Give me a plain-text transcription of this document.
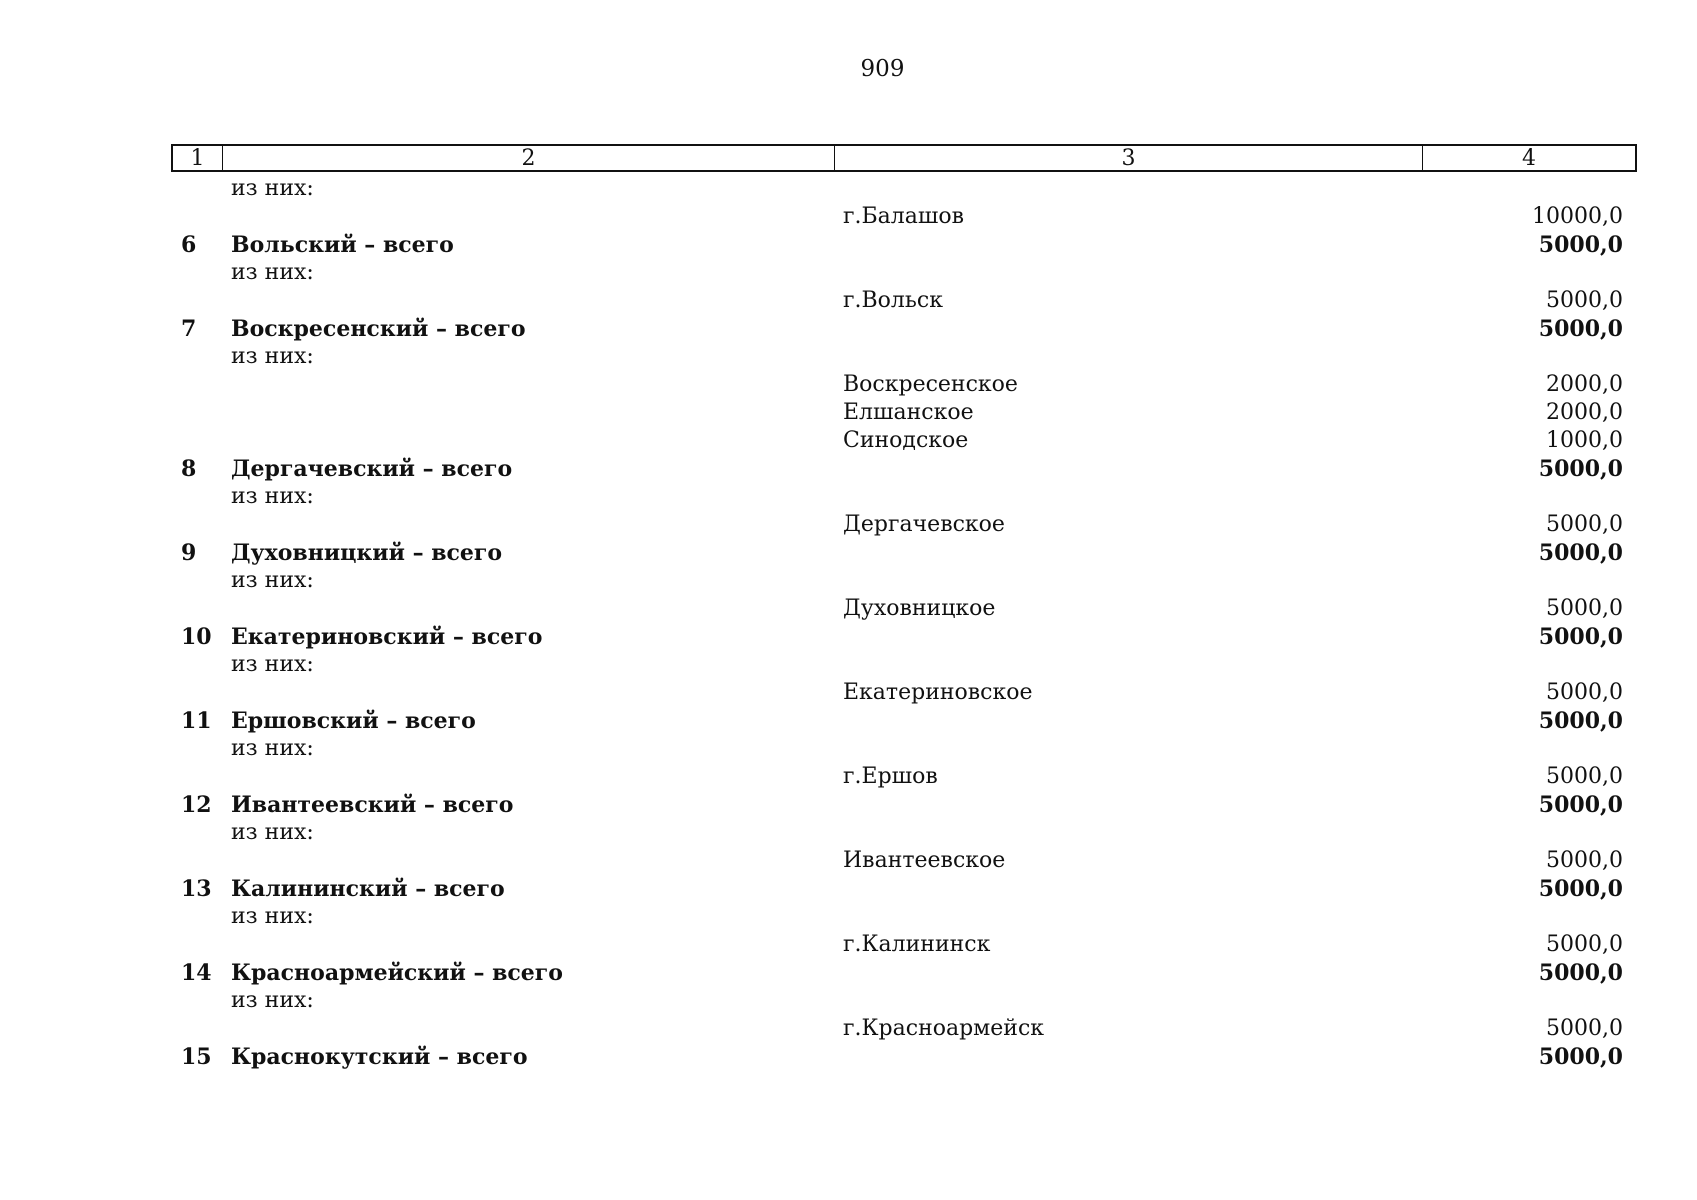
909
1	2	3	4
из них:
г.Балашов	10000,0
6 Вольский – всего	5000,0
из них:
г.Вольск	5000,0
7 Воскресенский – всего	5000,0
из них:
Воскресенское	2000,0
Елшанское	2000,0
Синодское	1000,0
8 Дергачевский – всего	5000,0
из них:
Дергачевское	5000,0
9 Духовницкий – всего	5000,0
из них:
Духовницкое	5000,0
10 Екатериновский – всего	5000,0
из них:
Екатериновское	5000,0
11 Ершовский – всего	5000,0
из них:
г.Ершов	5000,0
12 Ивантеевский – всего	5000,0
из них:
Ивантеевское	5000,0
13 Калининский – всего	5000,0
из них:
г.Калининск	5000,0
14 Красноармейский – всего	5000,0
из них:
г.Красноармейск	5000,0
15 Краснокутский – всего	5000,0
